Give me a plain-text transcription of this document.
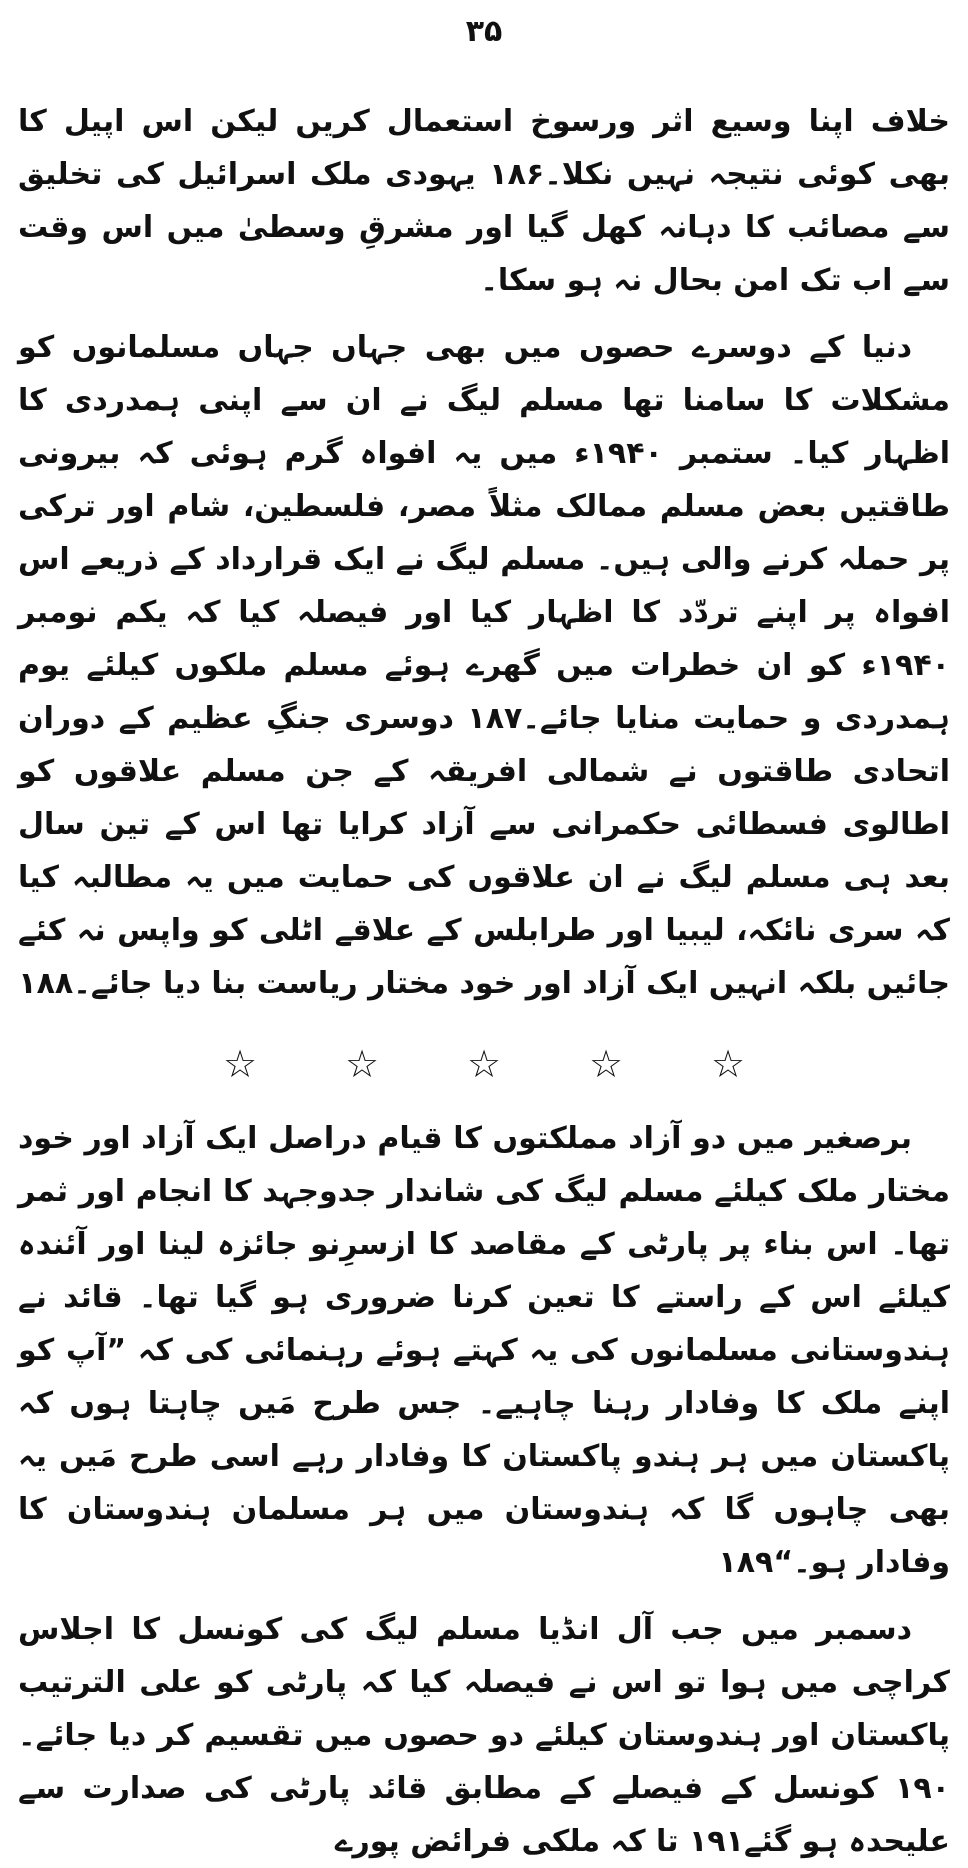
۳۵

خلاف اپنا وسیع اثر ورسوخ استعمال کریں لیکن اس اپیل کا بھی کوئی نتیجہ نہیں نکلا۔۱۸۶ یہودی ملک اسرائیل کی تخلیق سے مصائب کا دہانہ کھل گیا اور مشرقِ وسطیٰ میں اس وقت سے اب تک امن بحال نہ ہو سکا۔

دنیا کے دوسرے حصوں میں بھی جہاں جہاں مسلمانوں کو مشکلات کا سامنا تھا مسلم لیگ نے ان سے اپنی ہمدردی کا اظہار کیا۔ ستمبر ۱۹۴۰ء میں یہ افواہ گرم ہوئی کہ بیرونی طاقتیں بعض مسلم ممالک مثلاً مصر، فلسطین، شام اور ترکی پر حملہ کرنے والی ہیں۔ مسلم لیگ نے ایک قرارداد کے ذریعے اس افواہ پر اپنے تردّد کا اظہار کیا اور فیصلہ کیا کہ یکم نومبر ۱۹۴۰ء کو ان خطرات میں گھرے ہوئے مسلم ملکوں کیلئے یوم ہمدردی و حمایت منایا جائے۔۱۸۷ دوسری جنگِ عظیم کے دوران اتحادی طاقتوں نے شمالی افریقہ کے جن مسلم علاقوں کو اطالوی فسطائی حکمرانی سے آزاد کرایا تھا اس کے تین سال بعد ہی مسلم لیگ نے ان علاقوں کی حمایت میں یہ مطالبہ کیا کہ سری نائکہ، لیبیا اور طرابلس کے علاقے اٹلی کو واپس نہ کئے جائیں بلکہ انہیں ایک آزاد اور خود مختار ریاست بنا دیا جائے۔۱۸۸

☆ ☆ ☆ ☆ ☆

برصغیر میں دو آزاد مملکتوں کا قیام دراصل ایک آزاد اور خود مختار ملک کیلئے مسلم لیگ کی شاندار جدوجہد کا انجام اور ثمر تھا۔ اس بناء پر پارٹی کے مقاصد کا ازسرِنو جائزہ لینا اور آئندہ کیلئے اس کے راستے کا تعین کرنا ضروری ہو گیا تھا۔ قائد نے ہندوستانی مسلمانوں کی یہ کہتے ہوئے رہنمائی کی کہ ”آپ کو اپنے ملک کا وفادار رہنا چاہیے۔ جس طرح مَیں چاہتا ہوں کہ پاکستان میں ہر ہندو پاکستان کا وفادار رہے اسی طرح مَیں یہ بھی چاہوں گا کہ ہندوستان میں ہر مسلمان ہندوستان کا وفادار ہو۔“۱۸۹

دسمبر میں جب آل انڈیا مسلم لیگ کی کونسل کا اجلاس کراچی میں ہوا تو اس نے فیصلہ کیا کہ پارٹی کو علی الترتیب پاکستان اور ہندوستان کیلئے دو حصوں میں تقسیم کر دیا جائے۔۱۹۰ کونسل کے فیصلے کے مطابق قائد پارٹی کی صدارت سے علیحدہ ہو گئے۱۹۱ تا کہ ملکی فرائض پورے
